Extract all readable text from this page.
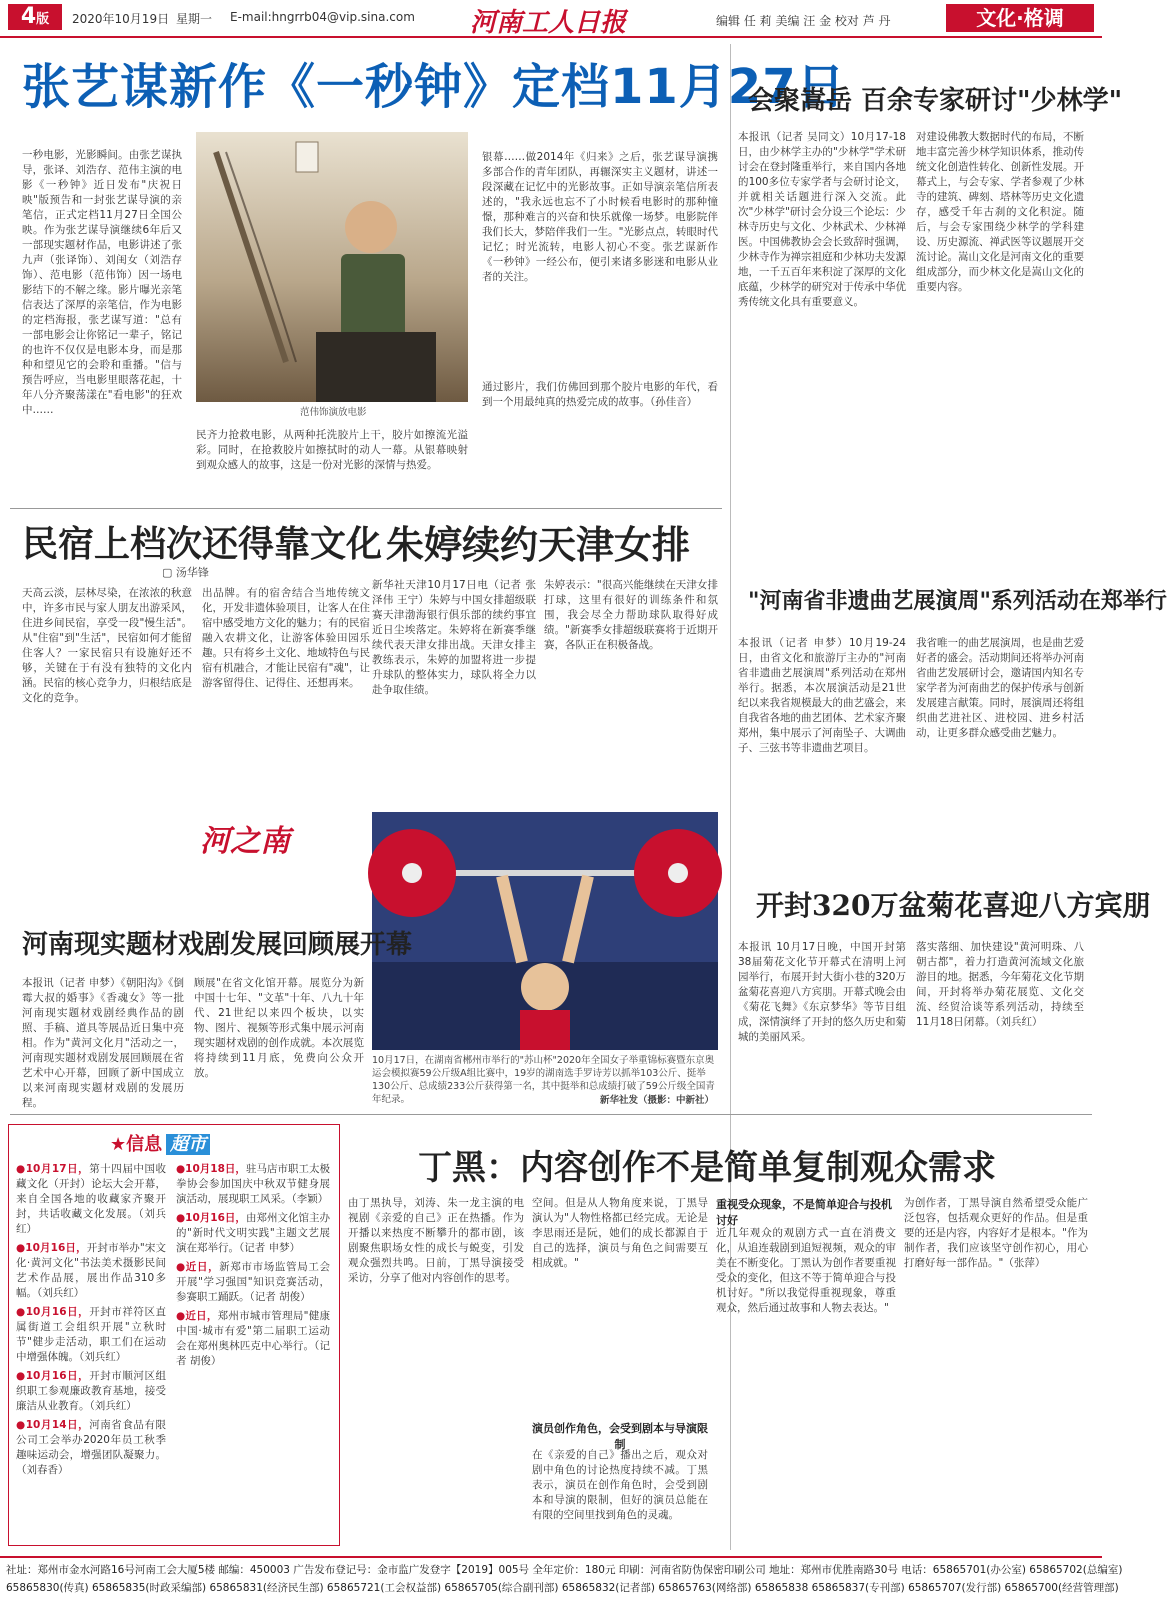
4版	2020年10月19日 星期一 E-mail:hngrrb04@vip.sina.com 河南工人日报	编辑 任 莉 美编 汪 金 校对 芦 丹	文化·格调
张艺谋新作《一秒钟》定档11月27日
一秒电影，光影瞬间。由张艺谋执导，张译、刘浩存、范伟主演的电影《一秒钟》近日发布"庆祝日映"版预告和一封张艺谋导演的亲笔信，正式定档11月27日全国公映。作为张艺谋导演继续6年后又一部现实题材作品，电影讲述了张九声（张译饰）、刘闺女（刘浩存饰）、范电影（范伟饰）因一场电影结下的不解之缘。影片曝光亲笔信表达了深厚的亲笔信，作为电影的定档海报，张艺谋写道："总有一部电影会让你铭记一辈子，铭记的也许不仅仅是电影本身，而是那种和望见它的会聆和重播。"信与预告呼应，当电影里眼落花起，十年八分齐聚荡漾在"看电影"的狂欢中……	范伟饰演放电影
民齐力抢救电影，从两种托洗胶片上干，胶片如擦流光溢彩。同时，在抢救胶片如擦拭时的动人一幕。从银幕映射到观众感人的故事，这是一份对光影的深情与热爱。
银幕……做2014年《归来》之后，张艺谋导演携多部合作的青年团队，再辗深实主义题材，讲述一段深藏在记忆中的光影故事。正如导演亲笔信所表述的，"我永远也忘不了小时候看电影时的那种憧憬，那种难言的兴奋和快乐就像一场梦。电影院伴我们长大，梦陪伴我们一生。"光影点点，转眼时代记忆；时光流转，电影人初心不变。张艺谋新作《一秒钟》一经公布，便引来诸多影迷和电影从业者的关注。
通过影片，我们仿佛回到那个胶片电影的年代，看到一个用最纯真的热爱完成的故事。（孙佳音）
会聚嵩岳 百余专家研讨"少林学"
本报讯（记者 吴同文）10月17-18日，由少林学主办的"少林学"学术研讨会在登封隆重举行，来自国内各地的100多位专家学者与会研讨论文，并就相关话题进行深入交流。此次"少林学"研讨会分设三个论坛：少林寺历史与文化、少林武术、少林禅医。中国佛教协会会长致辞时强调，少林寺作为禅宗祖庭和少林功夫发源地，一千五百年来积淀了深厚的文化底蕴，少林学的研究对于传承中华优秀传统文化具有重要意义。
对建设佛教大数据时代的布局，不断地丰富完善少林学知识体系，推动传统文化创造性转化、创新性发展。开幕式上，与会专家、学者参观了少林寺的建筑、碑刻、塔林等历史文化遗存，感受千年古刹的文化积淀。随后，与会专家围绕少林学的学科建设、历史源流、禅武医等议题展开交流讨论。嵩山文化是河南文化的重要组成部分，而少林文化是嵩山文化的重要内容。
民宿上档次还得靠文化
▢ 汤华锋
天高云淡，层林尽染，在浓浓的秋意中，许多市民与家人朋友出游采风，住进乡间民宿，享受一段"慢生活"。从"住宿"到"生活"，民宿如何才能留住客人？一家民宿只有设施好还不够，关键在于有没有独特的文化内涵。民宿的核心竞争力，归根结底是文化的竞争。
出品牌。有的宿舍结合当地传统文化，开发非遗体验项目，让客人在住宿中感受地方文化的魅力；有的民宿融入农耕文化，让游客体验田园乐趣。只有将乡土文化、地域特色与民宿有机融合，才能让民宿有"魂"，让游客留得住、记得住、还想再来。
河之南
朱婷续约天津女排
新华社天津10月17日电（记者 张泽伟 王宁）朱婷与中国女排超级联赛天津渤海银行俱乐部的续约事宜近日尘埃落定。朱婷将在新赛季继续代表天津女排出战。天津女排主教练表示，朱婷的加盟将进一步提升球队的整体实力，球队将全力以赴争取佳绩。
朱婷表示："很高兴能继续在天津女排打球，这里有很好的训练条件和氛围，我会尽全力帮助球队取得好成绩。"新赛季女排超级联赛将于近期开赛，各队正在积极备战。
10月17日，在湖南省郴州市举行的"苏山杯"2020年全国女子举重锦标赛暨东京奥运会模拟赛59公斤级A组比赛中，19岁的湖南选手罗诗芳以抓举103公斤、挺举130公斤、总成绩233公斤获得第一名，其中挺举和总成绩打破了59公斤级全国青年纪录。	新华社发（摄影：中新社）
"河南省非遗曲艺展演周"系列活动在郑举行
本报讯（记者 申梦）10月19-24日，由省文化和旅游厅主办的"河南省非遗曲艺展演周"系列活动在郑州举行。据悉，本次展演活动是21世纪以来我省规模最大的曲艺盛会，来自我省各地的曲艺团体、艺术家齐聚郑州，集中展示了河南坠子、大调曲子、三弦书等非遗曲艺项目。
我省唯一的曲艺展演周，也是曲艺爱好者的盛会。活动期间还将举办河南省曲艺发展研讨会，邀请国内知名专家学者为河南曲艺的保护传承与创新发展建言献策。同时，展演周还将组织曲艺进社区、进校园、进乡村活动，让更多群众感受曲艺魅力。
开封320万盆菊花喜迎八方宾朋
本报讯 10月17日晚，中国开封第38届菊花文化节开幕式在清明上河园举行，布展开封大街小巷的320万盆菊花喜迎八方宾朋。开幕式晚会由《菊花飞舞》《东京梦华》等节目组成，深情演绎了开封的悠久历史和菊城的美丽风采。
落实落细、加快建设"黄河明珠、八朝古都"，着力打造黄河流域文化旅游目的地。据悉，今年菊花文化节期间，开封将举办菊花展览、文化交流、经贸洽谈等系列活动，持续至11月18日闭幕。（刘兵红）
河南现实题材戏剧发展回顾展开幕
本报讯（记者 申梦）《朝阳沟》《倒霉大叔的婚事》《香魂女》等一批河南现实题材戏剧经典作品的剧照、手稿、道具等展品近日集中亮相。作为"黄河文化月"活动之一，河南现实题材戏剧发展回顾展在省艺术中心开幕，回顾了新中国成立以来河南现实题材戏剧的发展历程。
顾展"在省文化馆开幕。展览分为新中国十七年、"文革"十年、八九十年代、21世纪以来四个板块，以实物、图片、视频等形式集中展示河南现实题材戏剧的创作成就。本次展览将持续到11月底，免费向公众开放。
★信息 超市
●10月17日，第十四届中国收藏文化（开封）论坛大会开幕，来自全国各地的收藏家齐聚开封，共话收藏文化发展。（刘兵红）
●10月16日，开封市举办"宋文化·黄河文化"书法美术摄影民间艺术作品展，展出作品310多幅。（刘兵红）
●10月16日，开封市祥符区直属街道工会组织开展"立秋时节"健步走活动，职工们在运动中增强体魄。（刘兵红）
●10月16日，开封市顺河区组织职工参观廉政教育基地，接受廉洁从业教育。（刘兵红）
●10月14日，河南省食品有限公司工会举办2020年员工秋季趣味运动会，增强团队凝聚力。（刘春香）
●10月18日，驻马店市职工太极拳协会参加国庆中秋双节健身展演活动，展现职工风采。（李颖）
●10月16日，由郑州文化馆主办的"新时代文明实践"主题文艺展演在郑举行。（记者 申梦）
●近日，新郑市市场监管局工会开展"学习强国"知识竞赛活动，参赛职工踊跃。（记者 胡俊）
●近日，郑州市城市管理局"健康中国·城市有爱"第二届职工运动会在郑州奥林匹克中心举行。（记者 胡俊）
丁黑：内容创作不是简单复制观众需求
由丁黑执导，刘涛、朱一龙主演的电视剧《亲爱的自己》正在热播。作为开播以来热度不断攀升的都市剧，该剧聚焦职场女性的成长与蜕变，引发观众强烈共鸣。日前，丁黑导演接受采访，分享了他对内容创作的思考。
空间。但是从人物角度来说，丁黑导演认为"人物性格都已经完成。无论是李思雨还是阮，她们的成长都源自于自己的选择，演员与角色之间需要互相成就。"
演员创作角色，会受到剧本与导演限制
在《亲爱的自己》播出之后，观众对剧中角色的讨论热度持续不减。丁黑表示，演员在创作角色时，会受到剧本和导演的限制，但好的演员总能在有限的空间里找到角色的灵魂。
重视受众现象，不是简单迎合与投机讨好
近几年观众的观剧方式一直在消费文化，从追连载剧到追短视频，观众的审美在不断变化。丁黑认为创作者要重视受众的变化，但这不等于简单迎合与投机讨好。"所以我觉得重视现象，尊重观众，然后通过故事和人物去表达。"
为创作者，丁黑导演自然希望受众能广泛包容，包括观众更好的作品。但是重要的还是内容，内容好才是根本。"作为制作者，我们应该坚守创作初心，用心打磨好每一部作品。"（张萍）
社址：郑州市金水河路16号河南工会大厦5楼 邮编：450003 广告发布登记号：金市监广发登字【2019】005号 全年定价：180元 印刷：河南省防伪保密印刷公司 地址：郑州市优胜南路30号 电话：65865701(办公室) 65865702(总编室)
65865830(传真) 65865835(时政采编部) 65865831(经济民生部) 65865721(工会权益部) 65865705(综合副刊部) 65865832(记者部) 65865763(网络部) 65865838 65865837(专刊部) 65865707(发行部) 65865700(经营管理部)
